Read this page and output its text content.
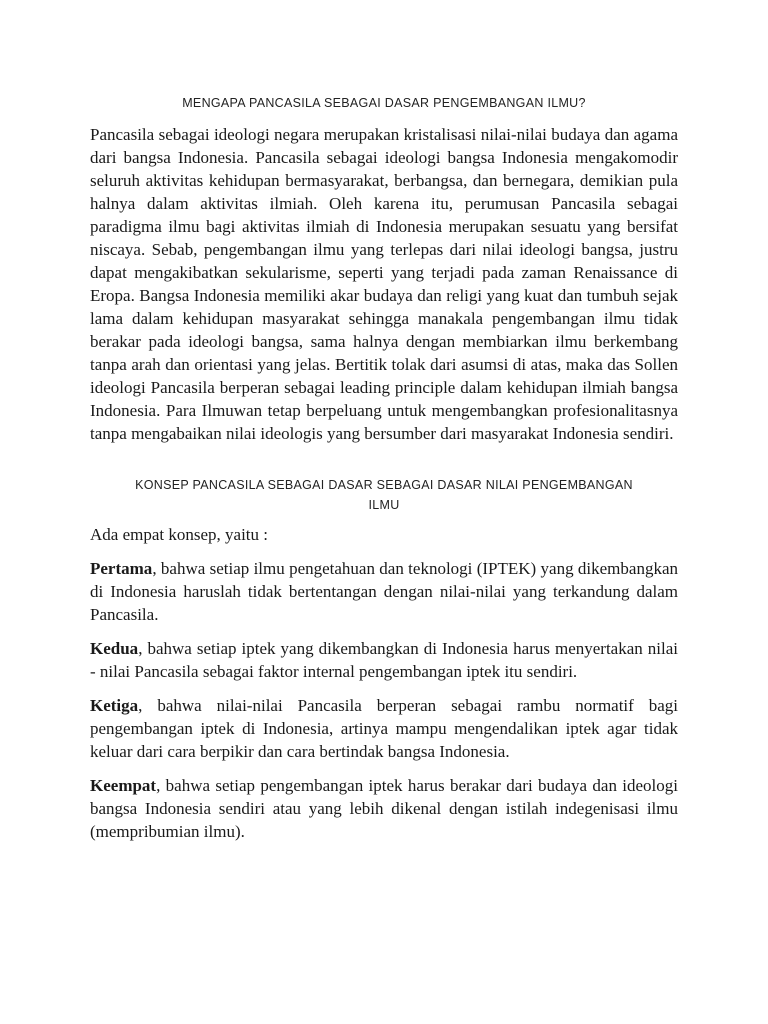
MENGAPA PANCASILA SEBAGAI DASAR PENGEMBANGAN ILMU?

Pancasila sebagai ideologi negara merupakan kristalisasi nilai-nilai budaya dan agama dari bangsa Indonesia. Pancasila sebagai ideologi bangsa Indonesia mengakomodir seluruh aktivitas kehidupan bermasyarakat, berbangsa, dan bernegara, demikian pula halnya dalam aktivitas ilmiah. Oleh karena itu, perumusan Pancasila sebagai paradigma ilmu bagi aktivitas ilmiah di Indonesia merupakan sesuatu yang bersifat niscaya. Sebab, pengembangan ilmu yang terlepas dari nilai ideologi bangsa, justru dapat mengakibatkan sekularisme, seperti yang terjadi pada zaman Renaissance di Eropa. Bangsa Indonesia memiliki akar budaya dan religi yang kuat dan tumbuh sejak lama dalam kehidupan masyarakat sehingga manakala pengembangan ilmu tidak berakar pada ideologi bangsa, sama halnya dengan membiarkan ilmu berkembang tanpa arah dan orientasi yang jelas. Bertitik tolak dari asumsi di atas, maka das Sollen ideologi Pancasila berperan sebagai leading principle dalam kehidupan ilmiah bangsa Indonesia. Para Ilmuwan tetap berpeluang untuk mengembangkan profesionalitasnya tanpa mengabaikan nilai ideologis yang bersumber dari masyarakat Indonesia sendiri.

KONSEP PANCASILA SEBAGAI DASAR SEBAGAI DASAR NILAI PENGEMBANGAN
ILMU

Ada empat konsep, yaitu :

Pertama, bahwa setiap ilmu pengetahuan dan teknologi (IPTEK) yang dikembangkan di Indonesia haruslah tidak bertentangan dengan nilai-nilai yang terkandung dalam Pancasila.

Kedua, bahwa setiap iptek yang dikembangkan di Indonesia harus menyertakan nilai - nilai Pancasila sebagai faktor internal pengembangan iptek itu sendiri.

Ketiga, bahwa nilai-nilai Pancasila berperan sebagai rambu normatif bagi pengembangan iptek di Indonesia, artinya mampu mengendalikan iptek agar tidak keluar dari cara berpikir dan cara bertindak bangsa Indonesia.

Keempat, bahwa setiap pengembangan iptek harus berakar dari budaya dan ideologi bangsa Indonesia sendiri atau yang lebih dikenal dengan istilah indegenisasi ilmu (mempribumian ilmu).
